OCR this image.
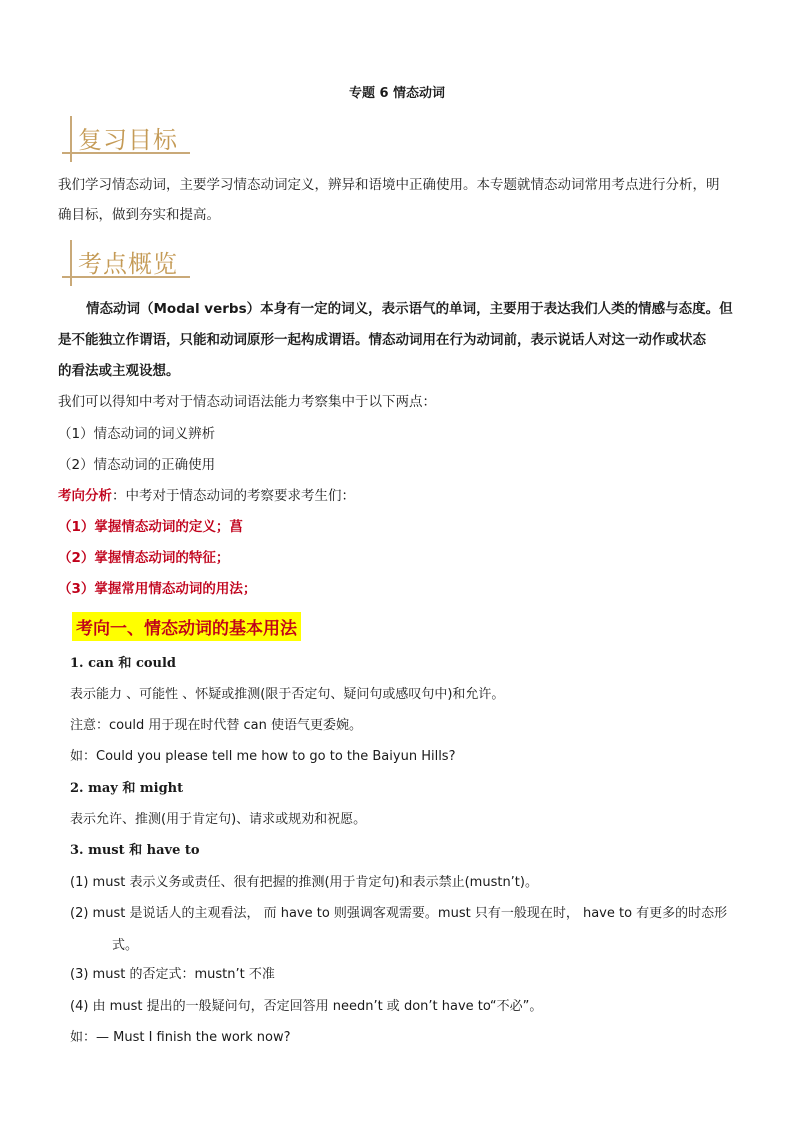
专题 6 情态动词
复习目标
我们学习情态动词，主要学习情态动词定义，辨异和语境中正确使用。本专题就情态动词常用考点进行分析，明
确目标，做到夯实和提高。
考点概览
情态动词（Modal verbs）本身有一定的词义，表示语气的单词，主要用于表达我们人类的情感与态度。但
是不能独立作谓语，只能和动词原形一起构成谓语。情态动词用在行为动词前，表示说话人对这一动作或状态
的看法或主观设想。
我们可以得知中考对于情态动词语法能力考察集中于以下两点：
（1）情态动词的词义辨析
（2）情态动词的正确使用
考向分析：中考对于情态动词的考察要求考生们：
（1）掌握情态动词的定义；菖
（2）掌握情态动词的特征；
（3）掌握常用情态动词的用法；
考向一、情态动词的基本用法
1. can 和 could
表示能力 、可能性 、怀疑或推测(限于否定句、疑问句或感叹句中)和允许。
注意：could 用于现在时代替 can 使语气更委婉。
如：Could you please tell me how to go to the Baiyun Hills?
2. may 和 might
表示允许、推测(用于肯定句)、请求或规劝和祝愿。
3. must 和 have to
(1) must 表示义务或责任、很有把握的推测(用于肯定句)和表示禁止(mustn’t)。
(2) must 是说话人的主观看法， 而 have to 则强调客观需要。must 只有一般现在时， have to 有更多的时态形
式。
(3) must 的否定式：mustn’t 不准
(4) 由 must 提出的一般疑问句，否定回答用 needn’t 或 don’t have to“不必”。
如：— Must I finish the work now?
